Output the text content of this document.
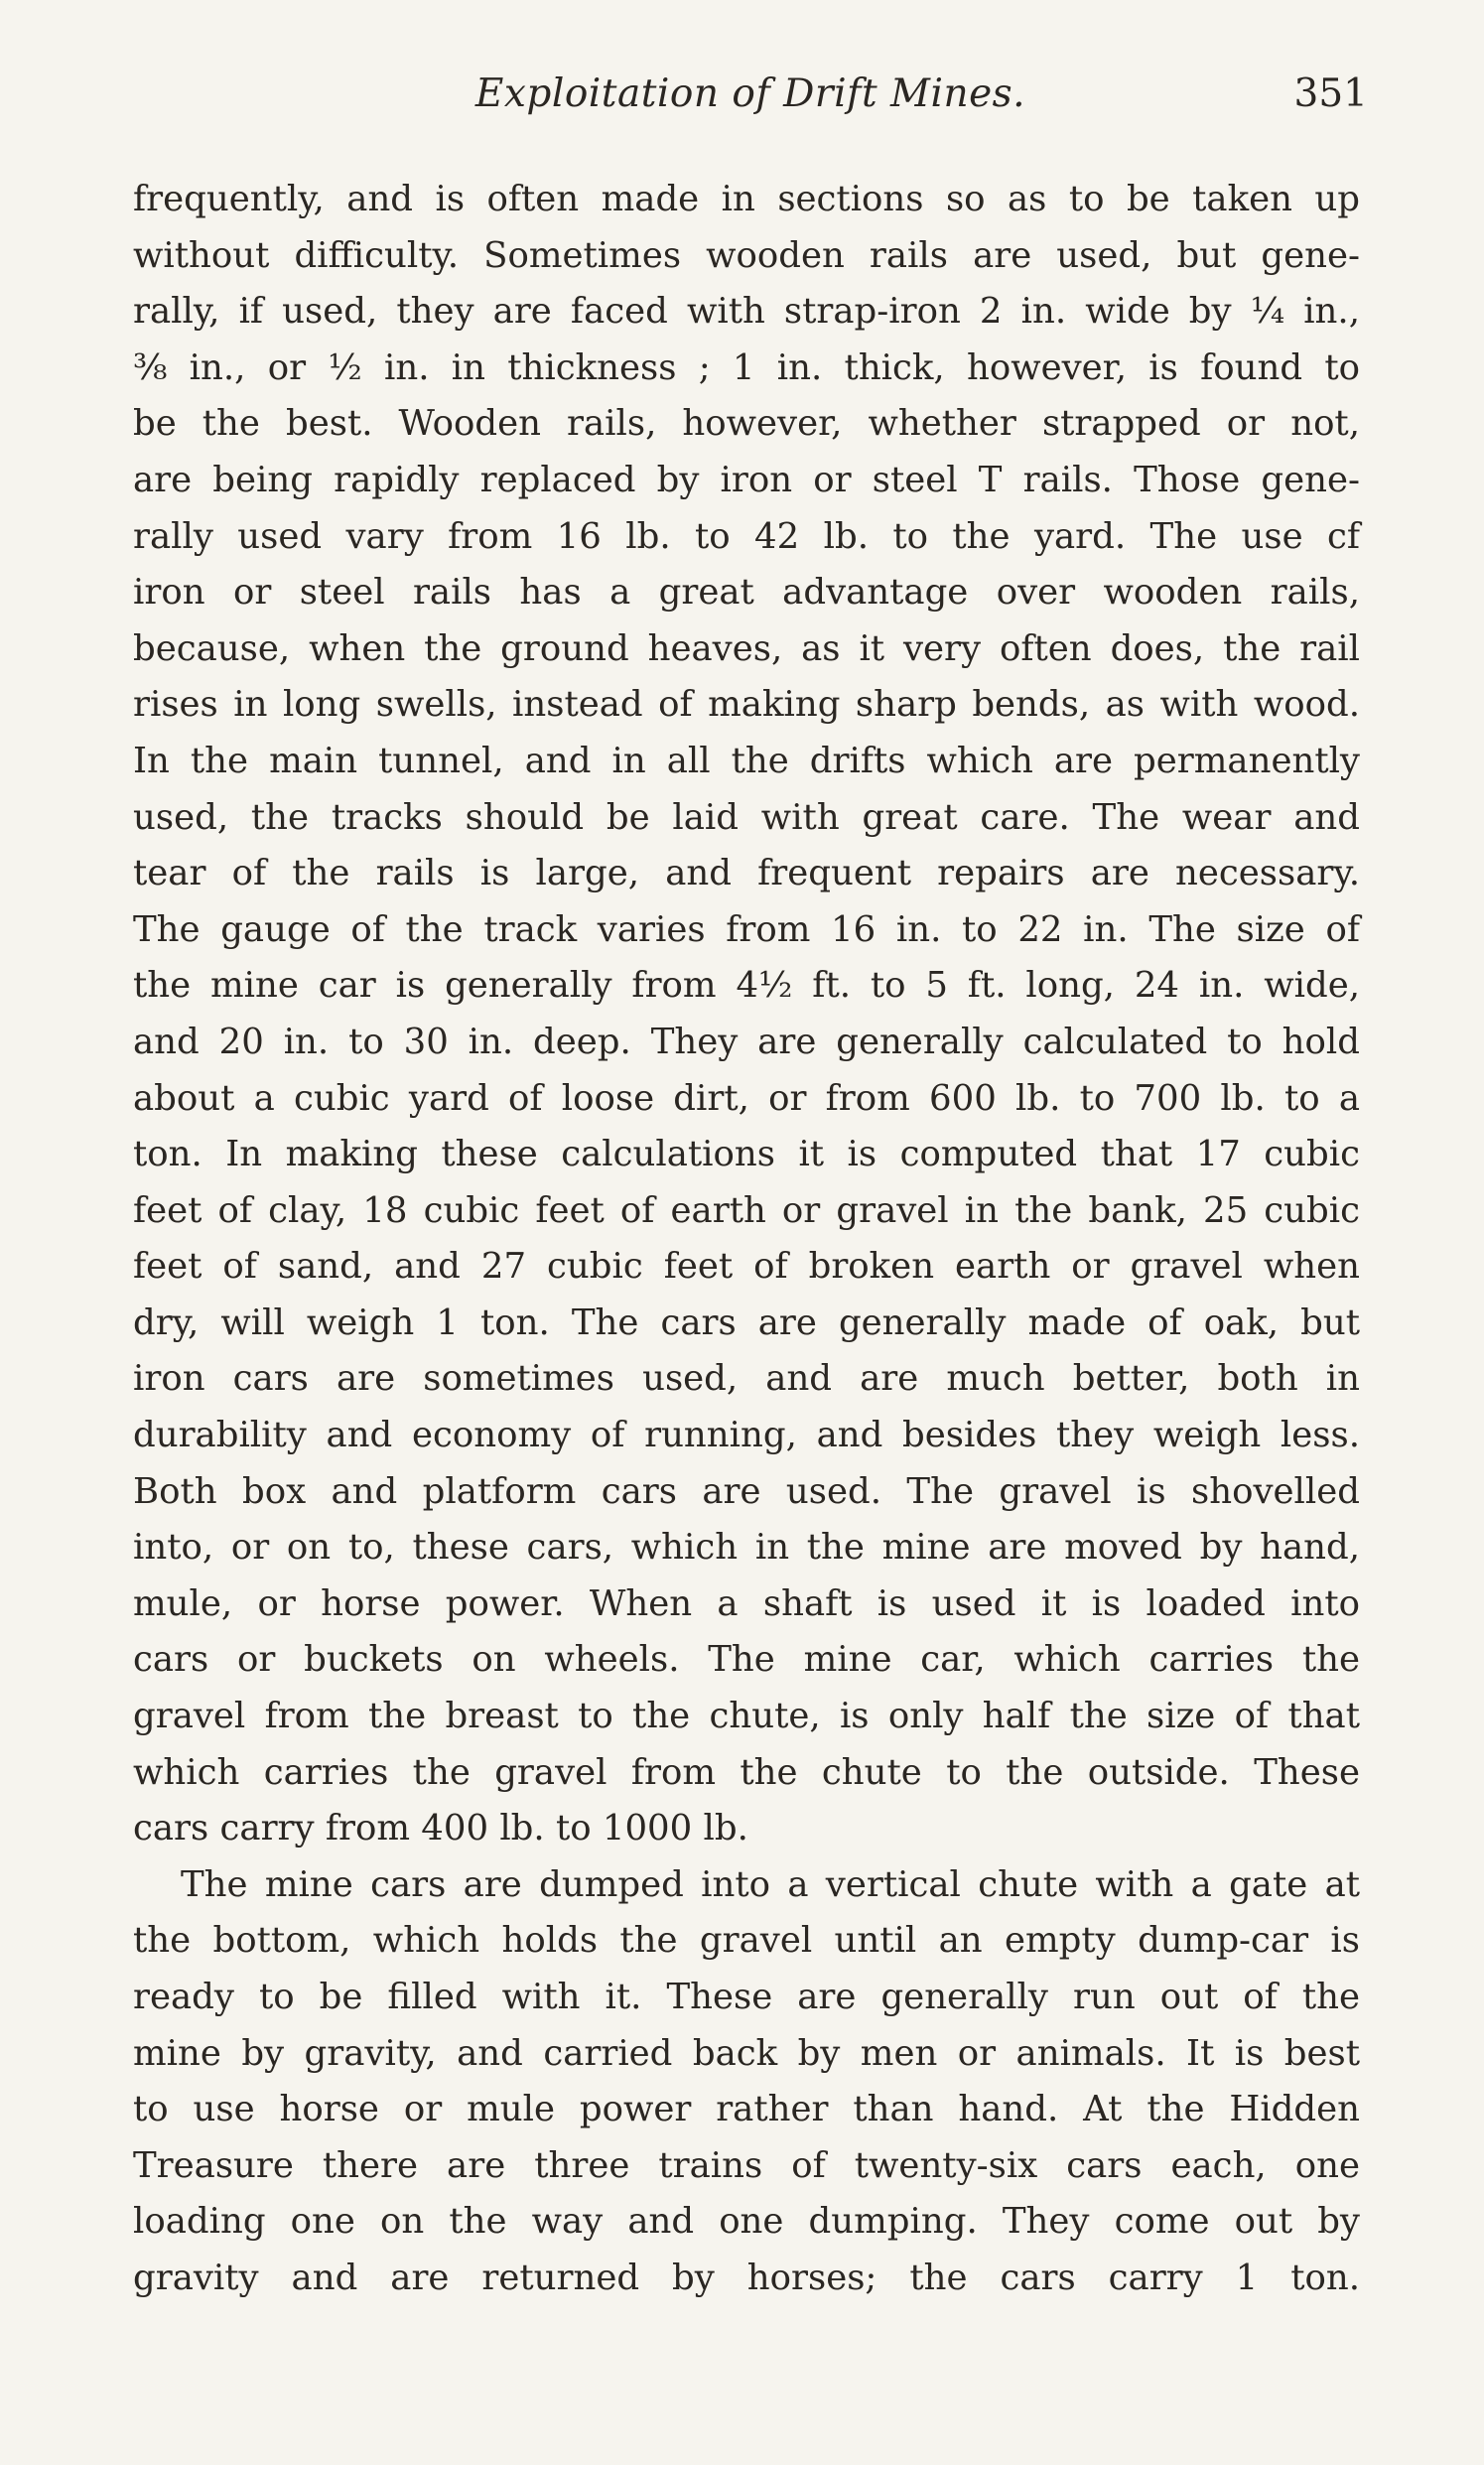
Exploitation of Drift Mines.	351
frequently, and is often made in sections so as to be taken up
without difficulty. Sometimes wooden rails are used, but gene-
rally, if used, they are faced with strap-iron 2 in. wide by ¼ in.,
⅜ in., or ½ in. in thickness ; 1 in. thick, however, is found to
be the best. Wooden rails, however, whether strapped or not,
are being rapidly replaced by iron or steel T rails. Those gene-
rally used vary from 16 lb. to 42 lb. to the yard. The use cf
iron or steel rails has a great advantage over wooden rails,
because, when the ground heaves, as it very often does, the rail
rises in long swells, instead of making sharp bends, as with wood.
In the main tunnel, and in all the drifts which are permanently
used, the tracks should be laid with great care. The wear and
tear of the rails is large, and frequent repairs are necessary.
The gauge of the track varies from 16 in. to 22 in. The size of
the mine car is generally from 4½ ft. to 5 ft. long, 24 in. wide,
and 20 in. to 30 in. deep. They are generally calculated to hold
about a cubic yard of loose dirt, or from 600 lb. to 700 lb. to a
ton. In making these calculations it is computed that 17 cubic
feet of clay, 18 cubic feet of earth or gravel in the bank, 25 cubic
feet of sand, and 27 cubic feet of broken earth or gravel when
dry, will weigh 1 ton. The cars are generally made of oak, but
iron cars are sometimes used, and are much better, both in
durability and economy of running, and besides they weigh less.
Both box and platform cars are used. The gravel is shovelled
into, or on to, these cars, which in the mine are moved by hand,
mule, or horse power. When a shaft is used it is loaded into
cars or buckets on wheels. The mine car, which carries the
gravel from the breast to the chute, is only half the size of that
which carries the gravel from the chute to the outside. These
cars carry from 400 lb. to 1000 lb.
The mine cars are dumped into a vertical chute with a gate at
the bottom, which holds the gravel until an empty dump-car is
ready to be filled with it. These are generally run out of the
mine by gravity, and carried back by men or animals. It is best
to use horse or mule power rather than hand. At the Hidden
Treasure there are three trains of twenty-six cars each, one
loading one on the way and one dumping. They come out by
gravity and are returned by horses; the cars carry 1 ton.
